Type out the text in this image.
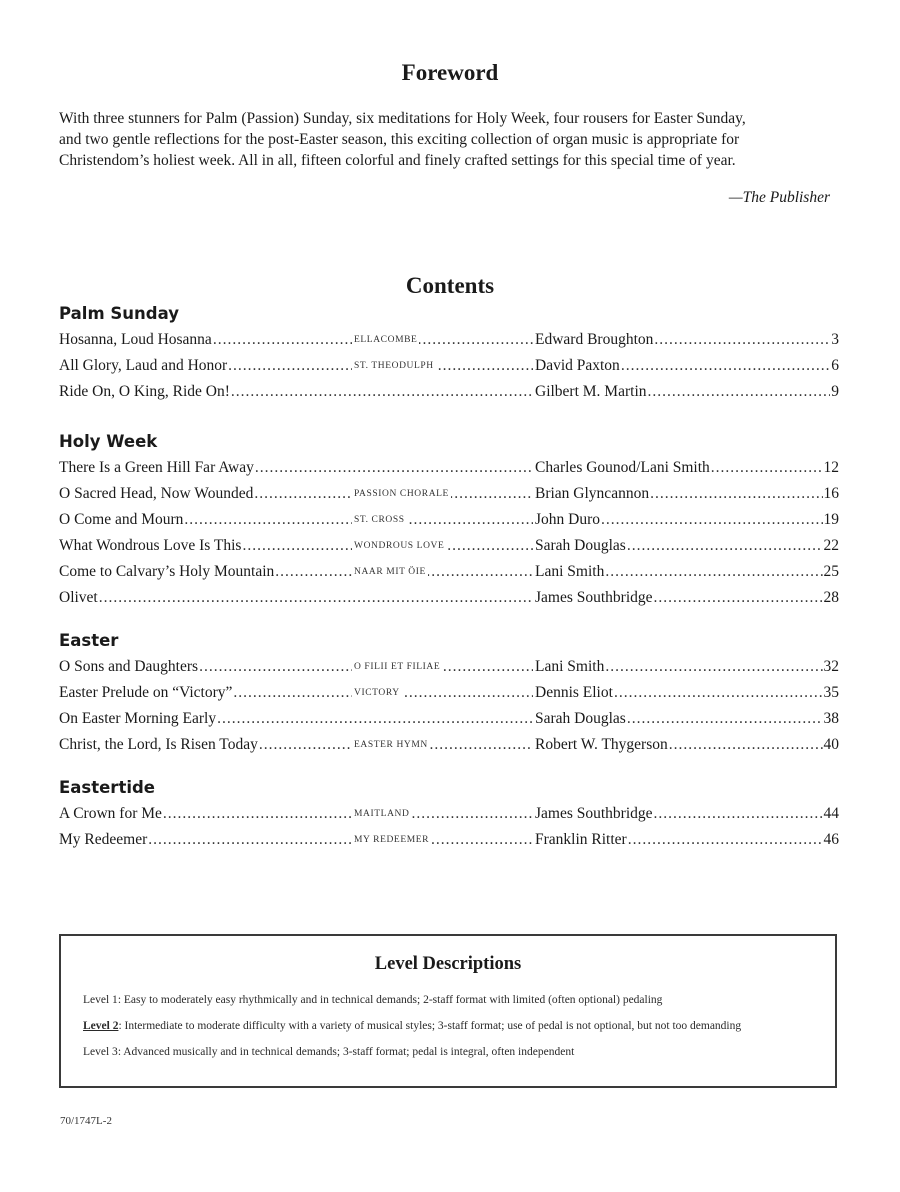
Foreword
With three stunners for Palm (Passion) Sunday, six meditations for Holy Week, four rousers for Easter Sunday,
and two gentle reflections for the post-Easter season, this exciting collection of organ music is appropriate for
Christendom’s holiest week. All in all, fifteen colorful and finely crafted settings for this special time of year.
—The Publisher
Contents
Palm Sunday
Hosanna, Loud Hosanna .....	ELLACOMBE	Edward Broughton .....	3
All Glory, Laud and Honor .....	ST. THEODULPH	David Paxton .....	6
Ride On, O King, Ride On! .....	Gilbert M. Martin .....	9
Holy Week
There Is a Green Hill Far Away .....	Charles Gounod/Lani Smith .....	12
O Sacred Head, Now Wounded .....	PASSION CHORALE	Brian Glyncannon .....	16
O Come and Mourn .....	ST. CROSS	John Duro .....	19
What Wondrous Love Is This .....	WONDROUS LOVE	Sarah Douglas .....	22
Come to Calvary’s Holy Mountain .....	NAAR MIT ÖIE	Lani Smith .....	25
Olivet .....	James Southbridge .....	28
Easter
O Sons and Daughters .....	O FILII ET FILIAE	Lani Smith .....	32
Easter Prelude on “Victory” .....	VICTORY	Dennis Eliot .....	35
On Easter Morning Early .....	Sarah Douglas .....	38
Christ, the Lord, Is Risen Today .....	EASTER HYMN	Robert W. Thygerson .....	40
Eastertide
A Crown for Me .....	MAITLAND	James Southbridge .....	44
My Redeemer .....	MY REDEEMER	Franklin Ritter .....	46
Level Descriptions
Level 1: Easy to moderately easy rhythmically and in technical demands; 2-staff format with limited (often optional) pedaling
Level 2: Intermediate to moderate difficulty with a variety of musical styles; 3-staff format; use of pedal is not optional, but not too demanding
Level 3: Advanced musically and in technical demands; 3-staff format; pedal is integral, often independent
70/1747L-2
